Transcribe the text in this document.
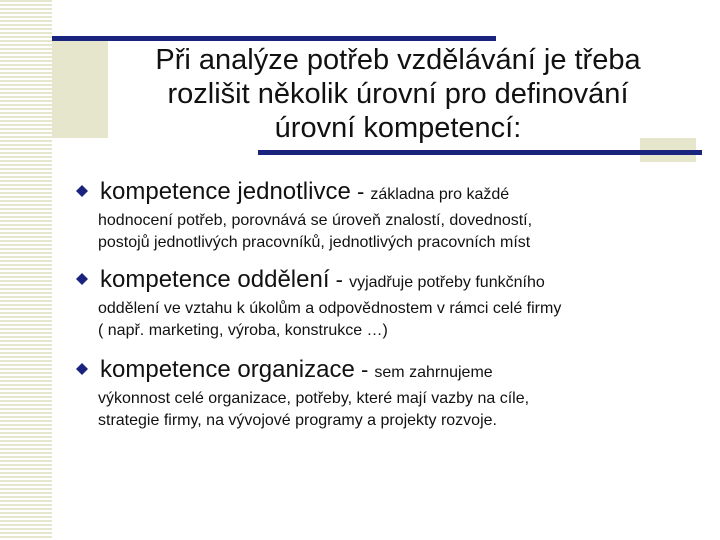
Při analýze potřeb vzdělávání je třeba
rozlišit několik úrovní pro definování
úrovní kompetencí:
kompetence jednotlivce - základna pro každé
hodnocení potřeb, porovnává se úroveň znalostí, dovedností,
postojů jednotlivých pracovníků, jednotlivých pracovních míst
kompetence oddělení - vyjadřuje potřeby funkčního
oddělení ve vztahu k úkolům a odpovědnostem v rámci celé firmy
( např. marketing, výroba, konstrukce …)
kompetence organizace - sem zahrnujeme
výkonnost celé organizace, potřeby, které mají vazby na cíle,
strategie firmy, na vývojové programy a projekty rozvoje.
